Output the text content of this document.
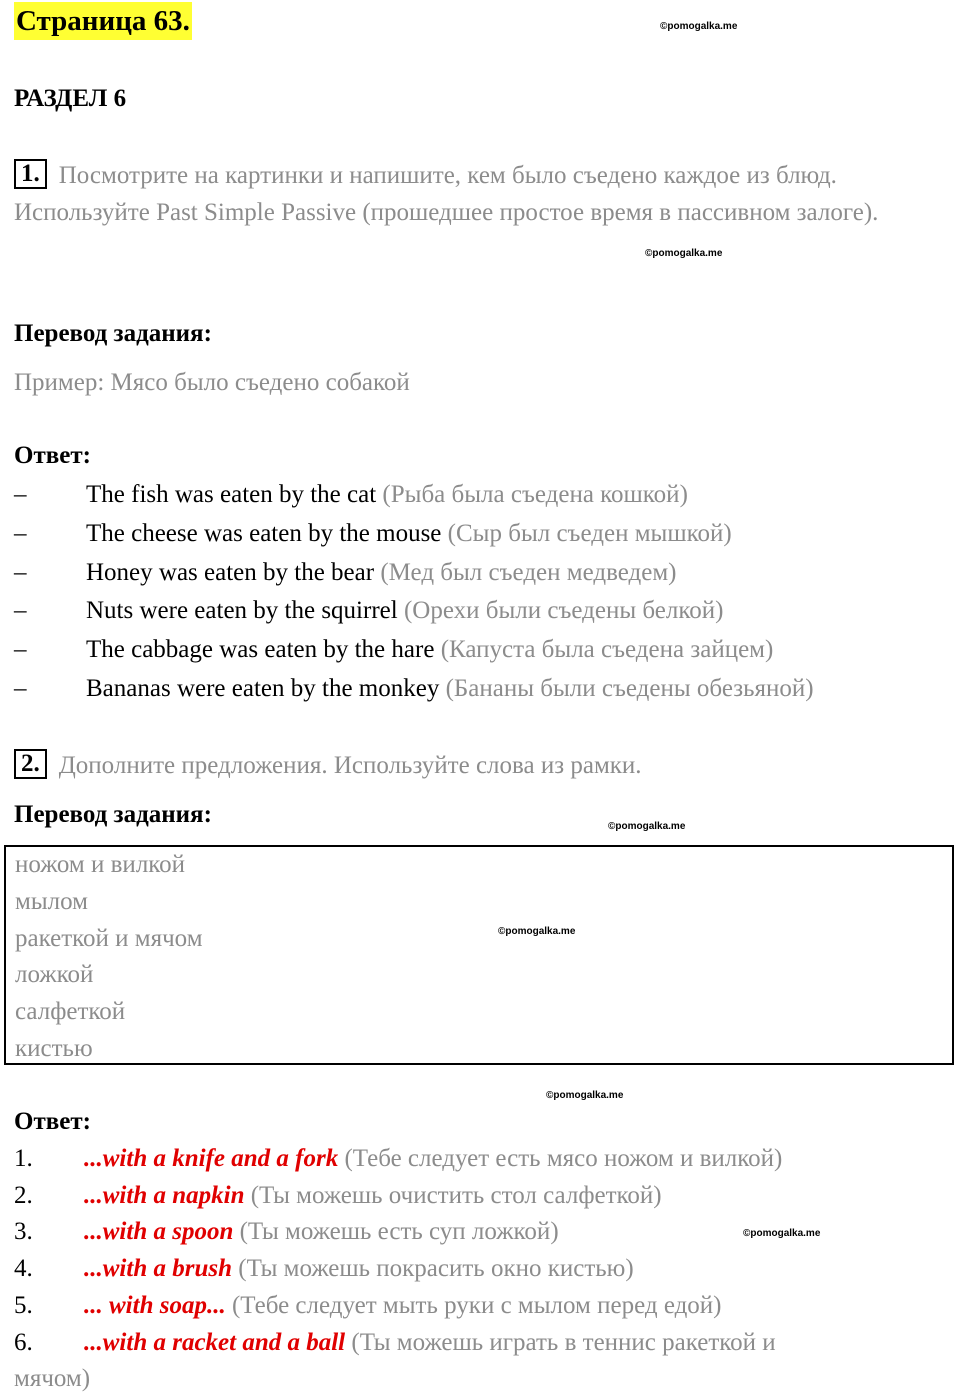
Страница 63.	©pomogalka.me
РАЗДЕЛ 6

1. Посмотрите на картинки и напишите, кем было съедено каждое из блюд. Используйте Past Simple Passive (прошедшее простое время в пассивном залоге).

©pomogalka.me
Перевод задания:

Пример: Мясо было съедено собакой

Ответ:
– The fish was eaten by the cat (Рыба была съедена кошкой)
– The cheese was eaten by the mouse (Сыр был съеден мышкой)
– Honey was eaten by the bear (Мед был съеден медведем)
– Nuts were eaten by the squirrel (Орехи были съедены белкой)
– The cabbage was eaten by the hare (Капуста была съедена зайцем)
– Bananas were eaten by the monkey (Бананы были съедены обезьяной)

2. Дополните предложения. Используйте слова из рамки.

Перевод задания:	©pomogalka.me
ножом и вилкой
мылом
ракеткой и мячом
ложкой
салфеткой
кистью
©pomogalka.me
©pomogalka.me
Ответ:
1. ...with a knife and a fork (Тебе следует есть мясо ножом и вилкой)
2. ...with a napkin (Ты можешь очистить стол салфеткой)
3. ...with a spoon (Ты можешь есть суп ложкой)
4. ...with a brush (Ты можешь покрасить окно кистью)
5. ... with soap... (Тебе следует мыть руки с мылом перед едой)
6. ...with a racket and a ball (Ты можешь играть в теннис ракеткой и
мячом)
©pomogalka.me
